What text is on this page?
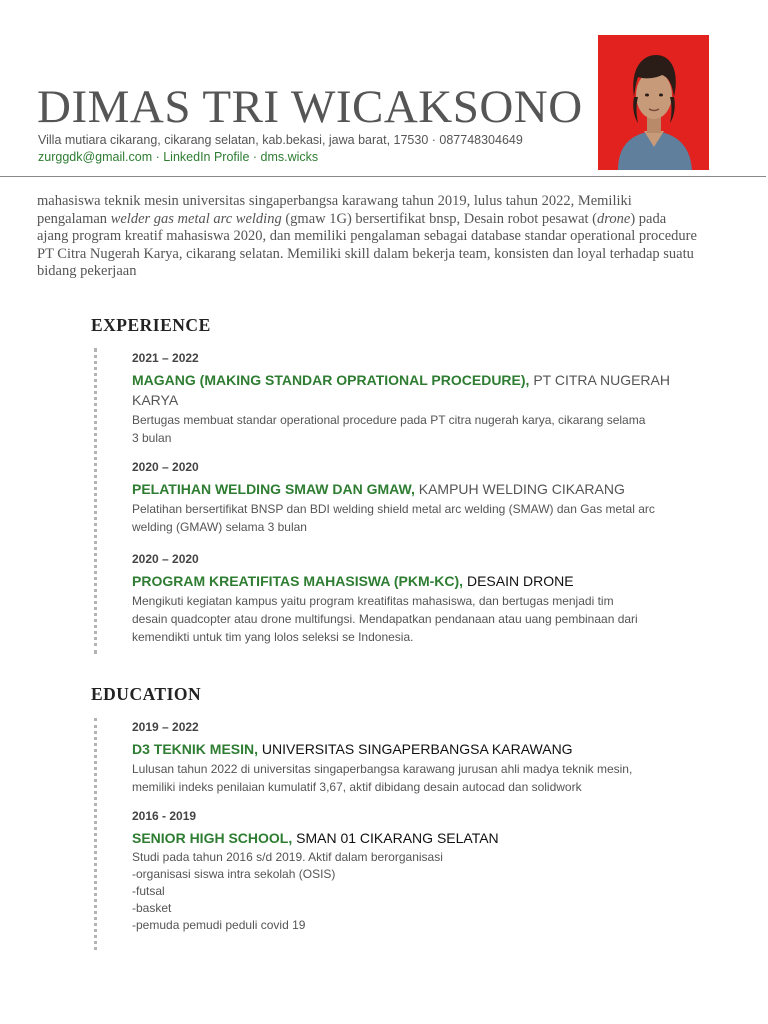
DIMAS TRI WICAKSONO
Villa mutiara cikarang, cikarang selatan, kab.bekasi, jawa barat, 17530 · 087748304649
zurggdk@gmail.com · LinkedIn Profile · dms.wicks
mahasiswa teknik mesin universitas singaperbangsa karawang tahun 2019, lulus tahun 2022, Memiliki pengalaman welder gas metal arc welding (gmaw 1G) bersertifikat bnsp, Desain robot pesawat (drone) pada ajang program kreatif mahasiswa 2020, dan memiliki pengalaman sebagai database standar operational procedure PT Citra Nugerah Karya, cikarang selatan. Memiliki skill dalam bekerja team, konsisten dan loyal terhadap suatu bidang pekerjaan
EXPERIENCE
2021 – 2022
MAGANG (MAKING STANDAR OPRATIONAL PROCEDURE), PT CITRA NUGERAH KARYA
Bertugas membuat standar operational procedure pada PT citra nugerah karya, cikarang selama
3 bulan
2020 – 2020
PELATIHAN WELDING SMAW DAN GMAW, KAMPUH WELDING CIKARANG
Pelatihan bersertifikat BNSP dan BDI welding shield metal arc welding (SMAW) dan Gas metal arc
welding (GMAW) selama 3 bulan
2020 – 2020
PROGRAM KREATIFITAS MAHASISWA (PKM-KC), DESAIN DRONE
Mengikuti kegiatan kampus yaitu program kreatifitas mahasiswa, dan bertugas menjadi tim
desain quadcopter atau drone multifungsi. Mendapatkan pendanaan atau uang pembinaan dari
kemendikti untuk tim yang lolos seleksi se Indonesia.
EDUCATION
2019 – 2022
D3 TEKNIK MESIN, UNIVERSITAS SINGAPERBANGSA KARAWANG
Lulusan tahun 2022 di universitas singaperbangsa karawang jurusan ahli madya teknik mesin,
memiliki indeks penilaian kumulatif 3,67, aktif dibidang desain autocad dan solidwork
2016 - 2019
SENIOR HIGH SCHOOL, SMAN 01 CIKARANG SELATAN
Studi pada tahun 2016 s/d 2019. Aktif dalam berorganisasi
-organisasi siswa intra sekolah (OSIS)
-futsal
-basket
-pemuda pemudi peduli covid 19
